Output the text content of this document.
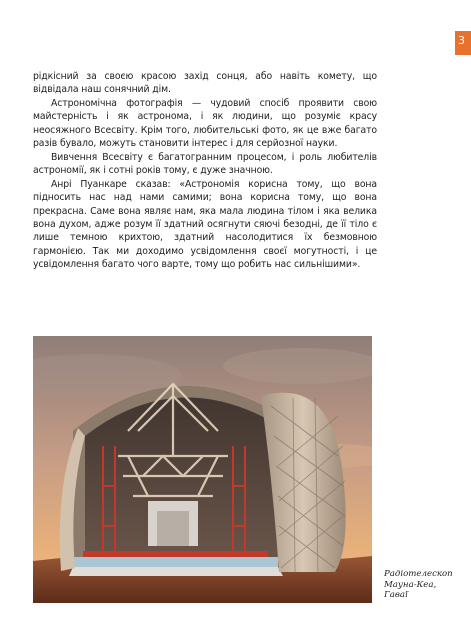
3

рідкісний за своєю красою захід сонця, або навіть комету, що відвідала наш сонячний дім.

Астрономічна фотографія — чудовий спосіб проявити свою майстерність і як астронома, і як людини, що розуміє красу неосяжного Всесвіту. Крім того, любительські фото, як це вже багато разів бувало, можуть становити інтерес і для серйозної науки.

Вивчення Всесвіту є багатогранним процесом, і роль любителів астрономії, як і сотні років тому, є дуже значною.

Анрі Пуанкаре сказав: «Астрономія корисна тому, що вона підносить нас над нами самими; вона корисна тому, що вона прекрасна. Саме вона являє нам, яка мала людина тілом і яка велика вона духом, адже розум її здатний осягнути сяючі безодні, де її тіло є лише темною крихтою, здатний насолодитися їх безмовною гармонією. Так ми доходимо усвідомлення своєї могутності, і це усвідомлення багато чого варте, тому що робить нас сильнішими».

Радіотелескоп
Мауна-Кеа,
Гаваї
